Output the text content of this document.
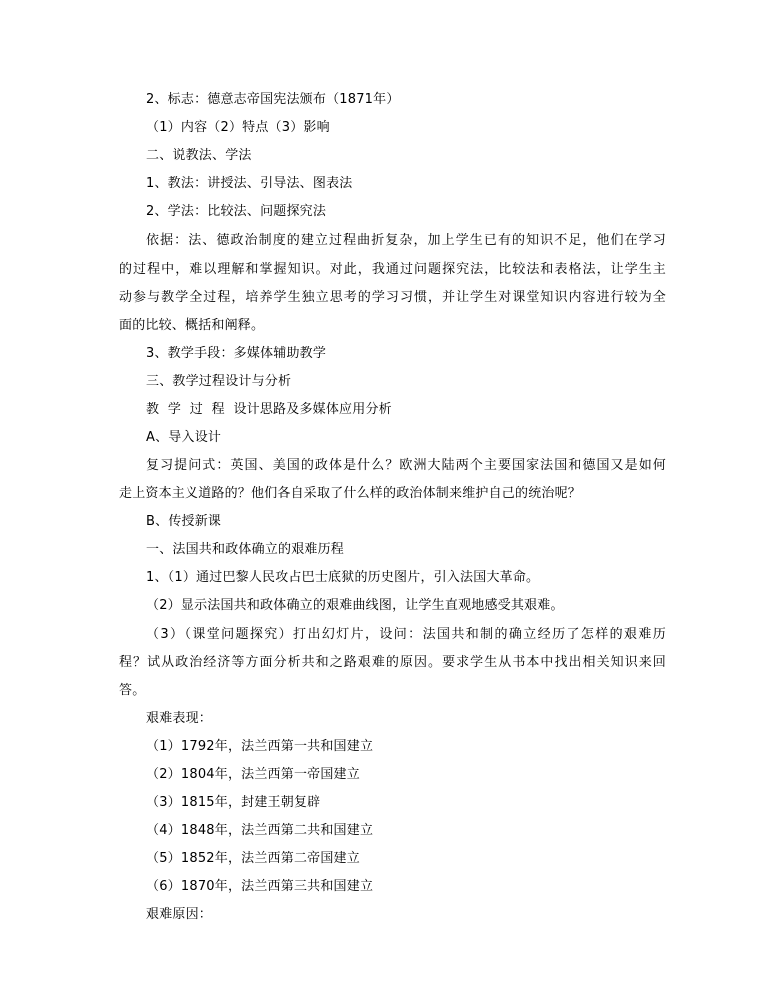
2、标志：德意志帝国宪法颁布（1871年）
（1）内容（2）特点（3）影响
二、说教法、学法
1、教法：讲授法、引导法、图表法
2、学法：比较法、问题探究法
依据：法、德政治制度的建立过程曲折复杂，加上学生已有的知识不足，他们在学习
的过程中，难以理解和掌握知识。对此，我通过问题探究法，比较法和表格法，让学生主
动参与教学全过程，培养学生独立思考的学习习惯，并让学生对课堂知识内容进行较为全
面的比较、概括和阐释。
3、教学手段：多媒体辅助教学
三、教学过程设计与分析
教  学  过  程  设计思路及多媒体应用分析
A、导入设计
复习提问式：英国、美国的政体是什么？欧洲大陆两个主要国家法国和德国又是如何
走上资本主义道路的？他们各自采取了什么样的政治体制来维护自己的统治呢？
B、传授新课
一、法国共和政体确立的艰难历程
1、（1）通过巴黎人民攻占巴士底狱的历史图片，引入法国大革命。
（2）显示法国共和政体确立的艰难曲线图，让学生直观地感受其艰难。
（3）（课堂问题探究）打出幻灯片，设问：法国共和制的确立经历了怎样的艰难历
程？试从政治经济等方面分析共和之路艰难的原因。要求学生从书本中找出相关知识来回
答。
艰难表现：
（1）1792年，法兰西第一共和国建立
（2）1804年，法兰西第一帝国建立
（3）1815年，封建王朝复辟
（4）1848年，法兰西第二共和国建立
（5）1852年，法兰西第二帝国建立
（6）1870年，法兰西第三共和国建立
艰难原因：
